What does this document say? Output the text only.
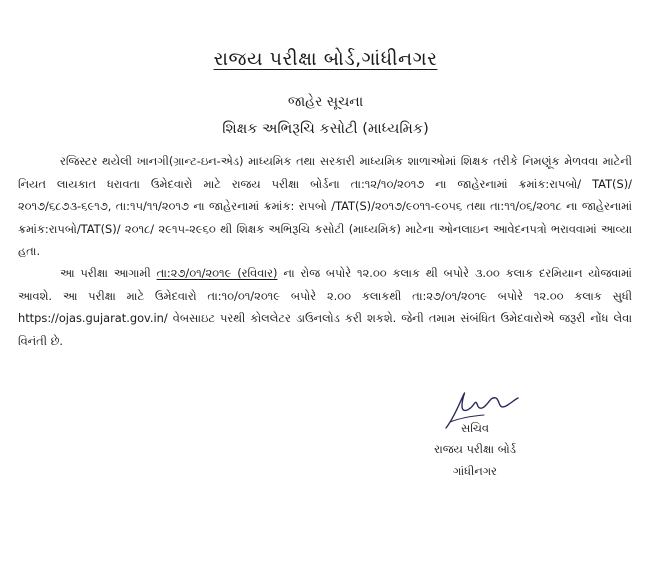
રાજય પરીક્ષા બોર્ડ,ગાંધીનગર
જાહેર સૂચના
શિક્ષક અભિરૂચિ કસોટી (માધ્યમિક)

રજિસ્ટર થયેલી ખાનગી(ગ્રાન્ટ-ઇન-એડ) માધ્યમિક તથા સરકારી માધ્યમિક શાળાઓમાં શિક્ષક તરીકે નિમણૂંક મેળવવા માટેની નિયત લાયકાત ધરાવતા ઉમેદવારો માટે રાજય પરીક્ષા બોર્ડના તા:૧૨/૧૦/૨૦૧૭ ના જાહેરનામાં ક્રમાંક:રાપબો/ TAT(S)/૨૦૧૭/૬૮૭૩-૬૯૧૭, તા:૧૫/૧૧/૨૦૧૭ ના જાહેરનામાં ક્રમાંક: રાપબો /TAT(S)/૨૦૧૭/૯૦૧૧-૯૦૫૬ તથા તા:૧૧/૦૬/૨૦૧૮ ના જાહેરનામાં ક્રમાંક:રાપબો/TAT(S)/ ૨૦૧૮/ ૨૯૧૫-૨૯૬૦ થી શિક્ષક અભિરૂચિ કસોટી (માધ્યમિક) માટેના ઓનલાઇન આવેદનપત્રો ભરાવવામાં આવ્યા હતા.

આ પરીક્ષા આગામી તા:૨૭/૦૧/૨૦૧૯ (રવિવાર) ના રોજ બપોરે ૧૨.૦૦ કલાક થી બપોરે ૩.૦૦ કલાક દરમિયાન યોજવામાં આવશે. આ પરીક્ષા માટે ઉમેદવારો તા:૧૦/૦૧/૨૦૧૯ બપોરે ૨.૦૦ કલાકથી તા:૨૭/૦૧/૨૦૧૯ બપોરે ૧૨.૦૦ કલાક સુધી https://ojas.gujarat.gov.in/ વેબસાઇટ પરથી કોલલેટર ડાઉનલોડ કરી શકશે. જેની તમામ સંબંધિત ઉમેદવારોએ જરૂરી નોંધ લેવા વિનંતી છે.

સચિવ
રાજય પરીક્ષા બોર્ડ
ગાંધીનગર
